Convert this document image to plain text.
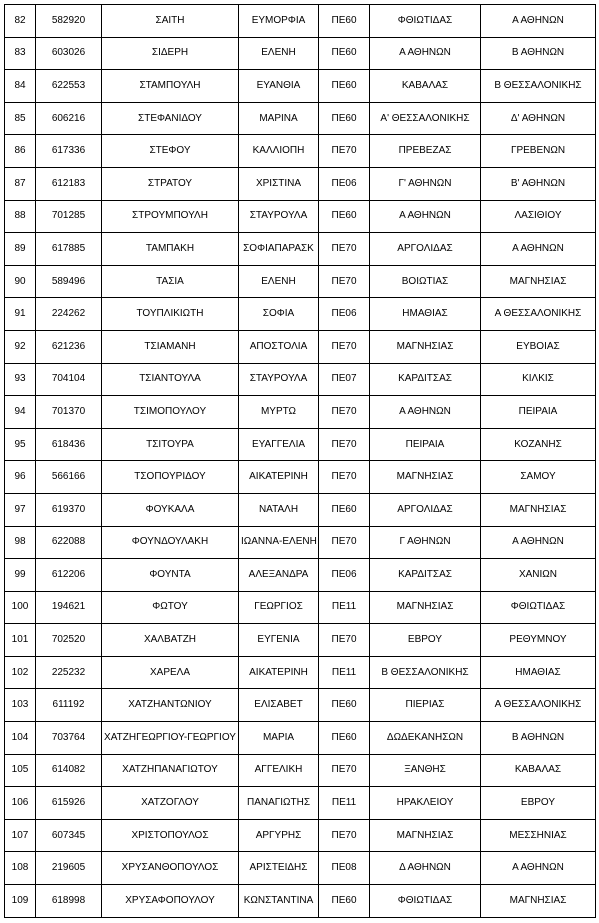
82	582920	ΣΑΙΤΗ	ΕΥΜΟΡΦΙΑ	ΠΕ60	ΦΘΙΩΤΙΔΑΣ	Α ΑΘΗΝΩΝ
83	603026	ΣΙΔΕΡΗ	ΕΛΕΝΗ	ΠΕ60	Α ΑΘΗΝΩΝ	Β ΑΘΗΝΩΝ
84	622553	ΣΤΑΜΠΟΥΛΗ	ΕΥΑΝΘΙΑ	ΠΕ60	ΚΑΒΑΛΑΣ	Β ΘΕΣΣΑΛΟΝΙΚΗΣ
85	606216	ΣΤΕΦΑΝΙΔΟΥ	ΜΑΡΙΝΑ	ΠΕ60	Α' ΘΕΣΣΑΛΟΝΙΚΗΣ	Δ' ΑΘΗΝΩΝ
86	617336	ΣΤΕΦΟΥ	ΚΑΛΛΙΟΠΗ	ΠΕ70	ΠΡΕΒΕΖΑΣ	ΓΡΕΒΕΝΩΝ
87	612183	ΣΤΡΑΤΟΥ	ΧΡΙΣΤΙΝΑ	ΠΕ06	Γ' ΑΘΗΝΩΝ	Β' ΑΘΗΝΩΝ
88	701285	ΣΤΡΟΥΜΠΟΥΛΗ	ΣΤΑΥΡΟΥΛΑ	ΠΕ60	Α ΑΘΗΝΩΝ	ΛΑΣΙΘΙΟΥ
89	617885	ΤΑΜΠΑΚΗ	ΣΟΦΙΑΠΑΡΑΣΚ	ΠΕ70	ΑΡΓΟΛΙΔΑΣ	Α ΑΘΗΝΩΝ
90	589496	ΤΑΣΙΑ	ΕΛΕΝΗ	ΠΕ70	ΒΟΙΩΤΙΑΣ	ΜΑΓΝΗΣΙΑΣ
91	224262	ΤΟΥΠΛΙΚΙΩΤΗ	ΣΟΦΙΑ	ΠΕ06	ΗΜΑΘΙΑΣ	Α ΘΕΣΣΑΛΟΝΙΚΗΣ
92	621236	ΤΣΙΑΜΑΝΗ	ΑΠΟΣΤΟΛΙΑ	ΠΕ70	ΜΑΓΝΗΣΙΑΣ	ΕΥΒΟΙΑΣ
93	704104	ΤΣΙΑΝΤΟΥΛΑ	ΣΤΑΥΡΟΥΛΑ	ΠΕ07	ΚΑΡΔΙΤΣΑΣ	ΚΙΛΚΙΣ
94	701370	ΤΣΙΜΟΠΟΥΛΟΥ	ΜΥΡΤΩ	ΠΕ70	Α ΑΘΗΝΩΝ	ΠΕΙΡΑΙΑ
95	618436	ΤΣΙΤΟΥΡΑ	ΕΥΑΓΓΕΛΙΑ	ΠΕ70	ΠΕΙΡΑΙΑ	ΚΟΖΑΝΗΣ
96	566166	ΤΣΟΠΟΥΡΙΔΟΥ	ΑΙΚΑΤΕΡΙΝΗ	ΠΕ70	ΜΑΓΝΗΣΙΑΣ	ΣΑΜΟΥ
97	619370	ΦΟΥΚΑΛΑ	ΝΑΤΑΛΗ	ΠΕ60	ΑΡΓΟΛΙΔΑΣ	ΜΑΓΝΗΣΙΑΣ
98	622088	ΦΟΥΝΔΟΥΛΑΚΗ	ΙΩΑΝΝΑ-ΕΛΕΝΗ	ΠΕ70	Γ ΑΘΗΝΩΝ	Α ΑΘΗΝΩΝ
99	612206	ΦΟΥΝΤΑ	ΑΛΕΞΑΝΔΡΑ	ΠΕ06	ΚΑΡΔΙΤΣΑΣ	ΧΑΝΙΩΝ
100	194621	ΦΩΤΟΥ	ΓΕΩΡΓΙΟΣ	ΠΕ11	ΜΑΓΝΗΣΙΑΣ	ΦΘΙΩΤΙΔΑΣ
101	702520	ΧΑΛΒΑΤΖΗ	ΕΥΓΕΝΙΑ	ΠΕ70	ΕΒΡΟΥ	ΡΕΘΥΜΝΟΥ
102	225232	ΧΑΡΕΛΑ	ΑΙΚΑΤΕΡΙΝΗ	ΠΕ11	Β ΘΕΣΣΑΛΟΝΙΚΗΣ	ΗΜΑΘΙΑΣ
103	611192	ΧΑΤΖΗΑΝΤΩΝΙΟΥ	ΕΛΙΣΑΒΕΤ	ΠΕ60	ΠΙΕΡΙΑΣ	Α ΘΕΣΣΑΛΟΝΙΚΗΣ
104	703764	ΧΑΤΖΗΓΕΩΡΓΙΟΥ-ΓΕΩΡΓΙΟΥ	ΜΑΡΙΑ	ΠΕ60	ΔΩΔΕΚΑΝΗΣΩΝ	Β ΑΘΗΝΩΝ
105	614082	ΧΑΤΖΗΠΑΝΑΓΙΩΤΟΥ	ΑΓΓΕΛΙΚΗ	ΠΕ70	ΞΑΝΘΗΣ	ΚΑΒΑΛΑΣ
106	615926	ΧΑΤΖΟΓΛΟΥ	ΠΑΝΑΓΙΩΤΗΣ	ΠΕ11	ΗΡΑΚΛΕΙΟΥ	ΕΒΡΟΥ
107	607345	ΧΡΙΣΤΟΠΟΥΛΟΣ	ΑΡΓΥΡΗΣ	ΠΕ70	ΜΑΓΝΗΣΙΑΣ	ΜΕΣΣΗΝΙΑΣ
108	219605	ΧΡΥΣΑΝΘΟΠΟΥΛΟΣ	ΑΡΙΣΤΕΙΔΗΣ	ΠΕ08	Δ ΑΘΗΝΩΝ	Α ΑΘΗΝΩΝ
109	618998	ΧΡΥΣΑΦΟΠΟΥΛΟΥ	ΚΩΝΣΤΑΝΤΙΝΑ	ΠΕ60	ΦΘΙΩΤΙΔΑΣ	ΜΑΓΝΗΣΙΑΣ
